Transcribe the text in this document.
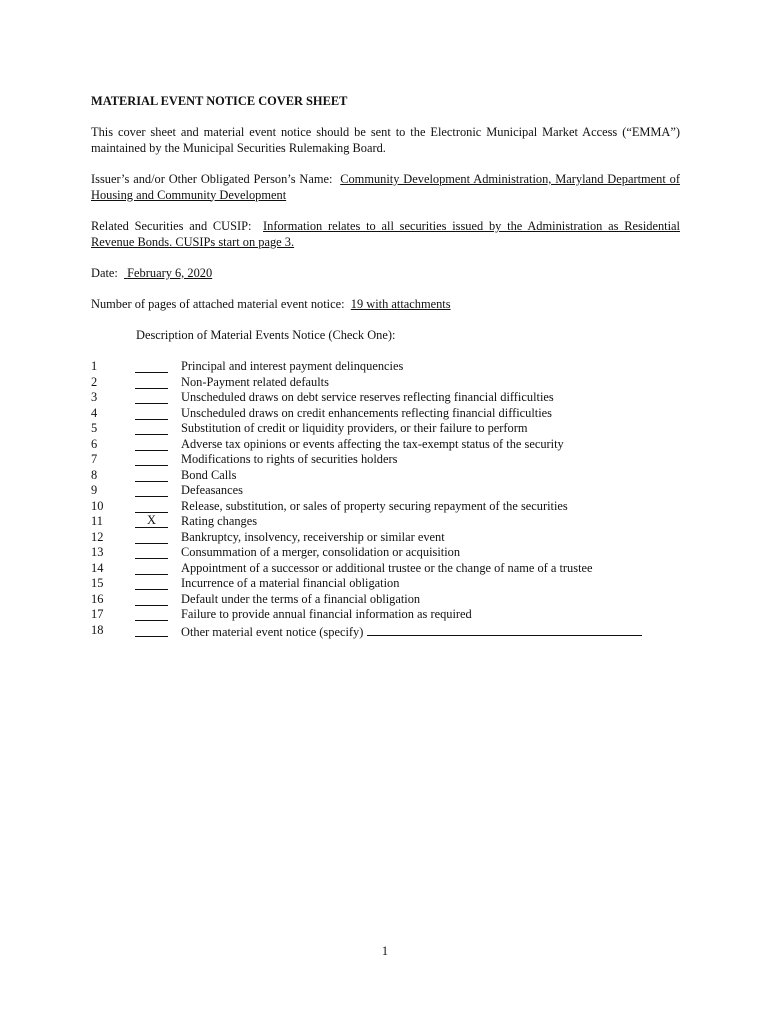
MATERIAL EVENT NOTICE COVER SHEET
This cover sheet and material event notice should be sent to the Electronic Municipal Market Access (“EMMA”) maintained by the Municipal Securities Rulemaking Board.
Issuer’s and/or Other Obligated Person’s Name: Community Development Administration, Maryland Department of Housing and Community Development
Related Securities and CUSIP: Information relates to all securities issued by the Administration as Residential Revenue Bonds. CUSIPs start on page 3.
Date: February 6, 2020
Number of pages of attached material event notice: 19 with attachments
Description of Material Events Notice (Check One):
1	Principal and interest payment delinquencies
2	Non-Payment related defaults
3	Unscheduled draws on debt service reserves reflecting financial difficulties
4	Unscheduled draws on credit enhancements reflecting financial difficulties
5	Substitution of credit or liquidity providers, or their failure to perform
6	Adverse tax opinions or events affecting the tax-exempt status of the security
7	Modifications to rights of securities holders
8	Bond Calls
9	Defeasances
10	Release, substitution, or sales of property securing repayment of the securities
11	X	Rating changes
12	Bankruptcy, insolvency, receivership or similar event
13	Consummation of a merger, consolidation or acquisition
14	Appointment of a successor or additional trustee or the change of name of a trustee
15	Incurrence of a material financial obligation
16	Default under the terms of a financial obligation
17	Failure to provide annual financial information as required
18	Other material event notice (specify)
1
